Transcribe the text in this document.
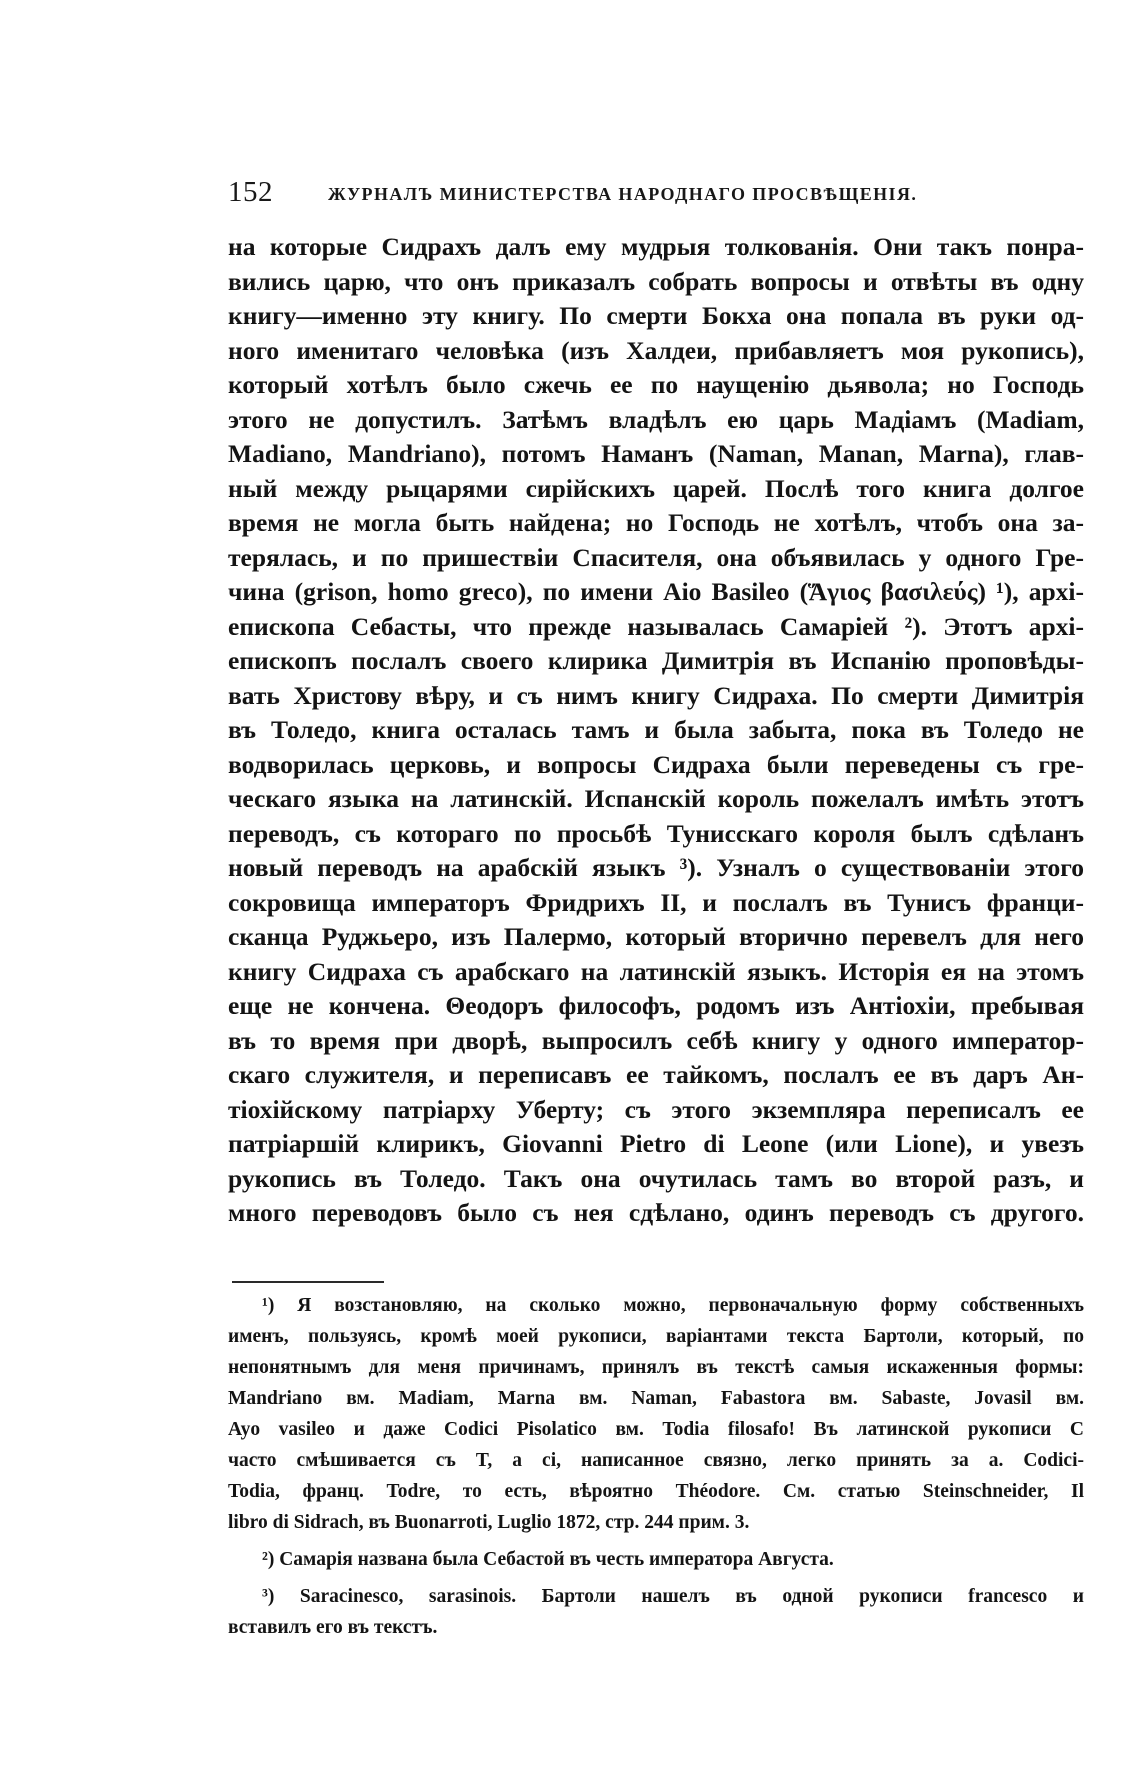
152	ЖУРНАЛЪ МИНИСТЕРСТВА НАРОДНАГО ПРОСВѢЩЕНІЯ.
на которые Сидрахъ далъ ему мудрыя толкованія. Они такъ понра-
вились царю, что онъ приказалъ собрать вопросы и отвѣты въ одну
книгу—именно эту книгу. По смерти Бокха она попала въ руки од-
ного именитаго человѣка (изъ Халдеи, прибавляетъ моя рукопись),
который хотѣлъ было сжечь ее по наущенію дьявола; но Господь
этого не допустилъ. Затѣмъ владѣлъ ею царь Мадіамъ (Madiam,
Madiano, Mandriano), потомъ Наманъ (Naman, Manan, Marna), глав-
ный между рыцарями сирійскихъ царей. Послѣ того книга долгое
время не могла быть найдена; но Господь не хотѣлъ, чтобъ она за-
терялась, и по пришествіи Спасителя, она объявилась у одного Гре-
чина (grison, homo greco), по имени Aio Basileo (Ἅγιος βασιλεύς) ¹), архі-
епископа Себасты, что прежде называлась Самаріей ²). Этотъ архі-
епископъ послалъ своего клирика Димитрія въ Испанію проповѣды-
вать Христову вѣру, и съ нимъ книгу Сидраха. По смерти Димитрія
въ Толедо, книга осталась тамъ и была забыта, пока въ Толедо не
водворилась церковь, и вопросы Сидраха были переведены съ гре-
ческаго языка на латинскій. Испанскій король пожелалъ имѣть этотъ
переводъ, съ котораго по просьбѣ Тунисскаго короля былъ сдѣланъ
новый переводъ на арабскій языкъ ³). Узналъ о существованіи этого
сокровища императоръ Фридрихъ II, и послалъ въ Тунисъ франци-
сканца Руджьеро, изъ Палермо, который вторично перевелъ для него
книгу Сидраха съ арабскаго на латинскій языкъ. Исторія ея на этомъ
еще не кончена. Θеодоръ философъ, родомъ изъ Антіохіи, пребывая
въ то время при дворѣ, выпросилъ себѣ книгу у одного император-
скаго служителя, и переписавъ ее тайкомъ, послалъ ее въ даръ Ан-
тіохійскому патріарху Уберту; съ этого экземпляра переписалъ ее
патріаршій клирикъ, Giovanni Pietro di Leone (или Lione), и увезъ
рукопись въ Толедо. Такъ она очутилась тамъ во второй разъ, и
много переводовъ было съ нея сдѣлано, одинъ переводъ съ другого.
¹) Я возстановляю, на сколько можно, первоначальную форму собственныхъ
именъ, пользуясь, кромѣ моей рукописи, варіантами текста Бартоли, который, по
непонятнымъ для меня причинамъ, принялъ въ текстѣ самыя искаженныя формы:
Mandriano вм. Madiam, Marna вм. Naman, Fabastora вм. Sabaste, Jovasil вм.
Ayo vasileo и даже Codici Pisolatico вм. Todia filosafo! Въ латинской рукописи C
часто смѣшивается съ T, a ci, написанное связно, легко принять за a. Codici-
Todia, франц. Todre, то есть, вѣроятно Théodore. См. статью Steinschneider, Il
libro di Sidrach, въ Buonarroti, Luglio 1872, стр. 244 прим. 3.
²) Самарія названа была Себастой въ честь императора Августа.
³) Saracinesco, sarasinois. Бартоли нашелъ въ одной рукописи francesco и
вставилъ его въ текстъ.
